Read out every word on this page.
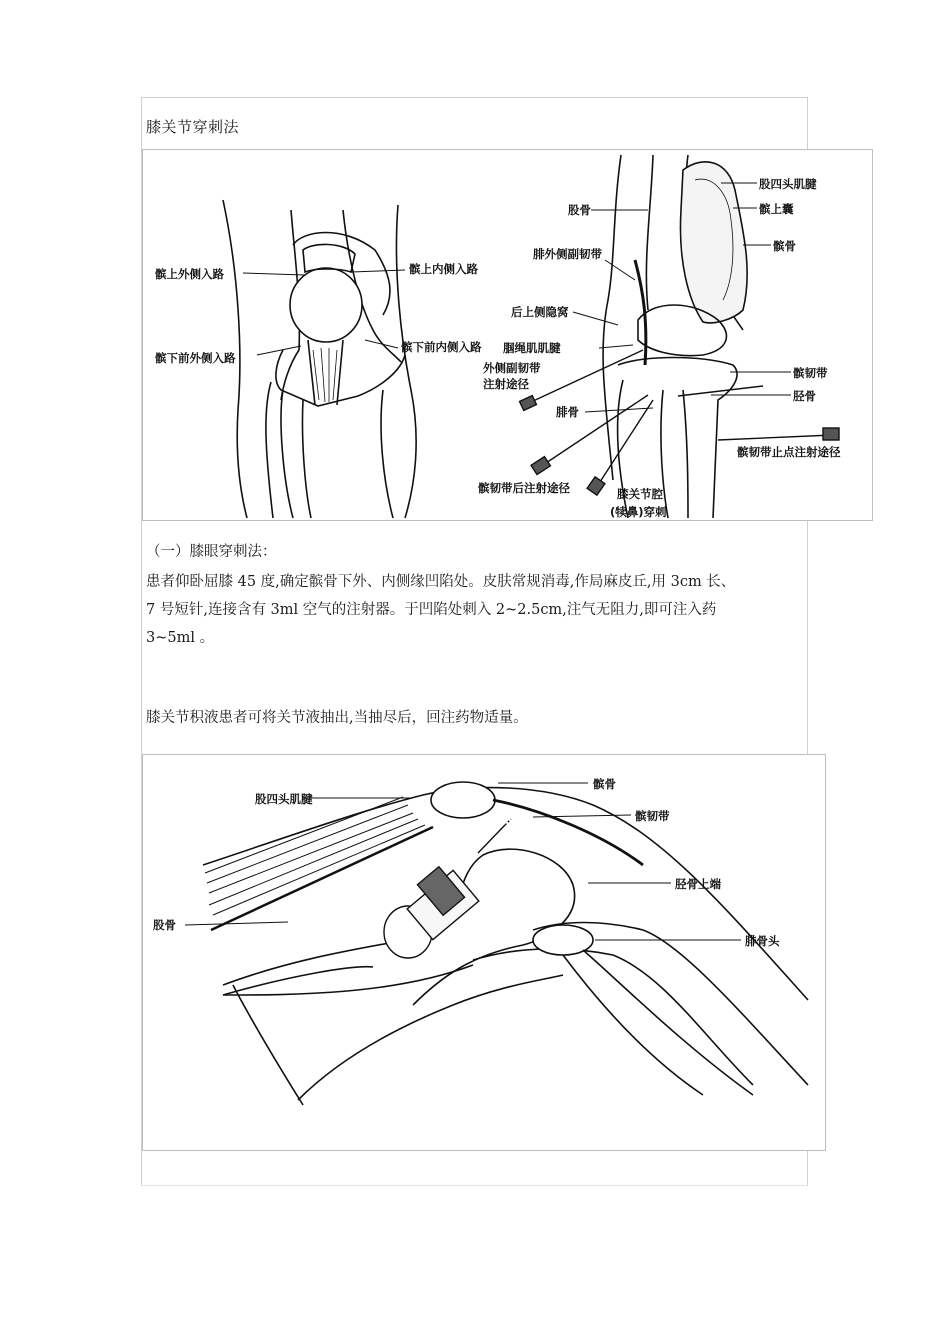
膝关节穿刺法
髌上外侧入路	髌上内侧入路
髌下前外侧入路
髌下前内侧入路
股骨
股四头肌腱
髌上囊
髌骨
腓外侧副韧带
后上侧隐窝
腘绳肌肌腱
外侧副韧带
注射途径
髌韧带
胫骨
腓骨
髌韧带止点注射途径
髌韧带后注射途径	膝关节腔
(犊鼻)穿刺
（一）膝眼穿刺法：
患者仰卧屈膝 45 度,确定髌骨下外、内侧缘凹陷处。皮肤常规消毒,作局麻皮丘,用 3cm 长、
7 号短针,连接含有 3ml 空气的注射器。于凹陷处刺入 2~2.5cm,注气无阻力,即可注入药
3~5ml 。
膝关节积液患者可将关节液抽出,当抽尽后，回注药物适量。
股四头肌腱
髌骨
髌韧带
胫骨上端
股骨
腓骨头
